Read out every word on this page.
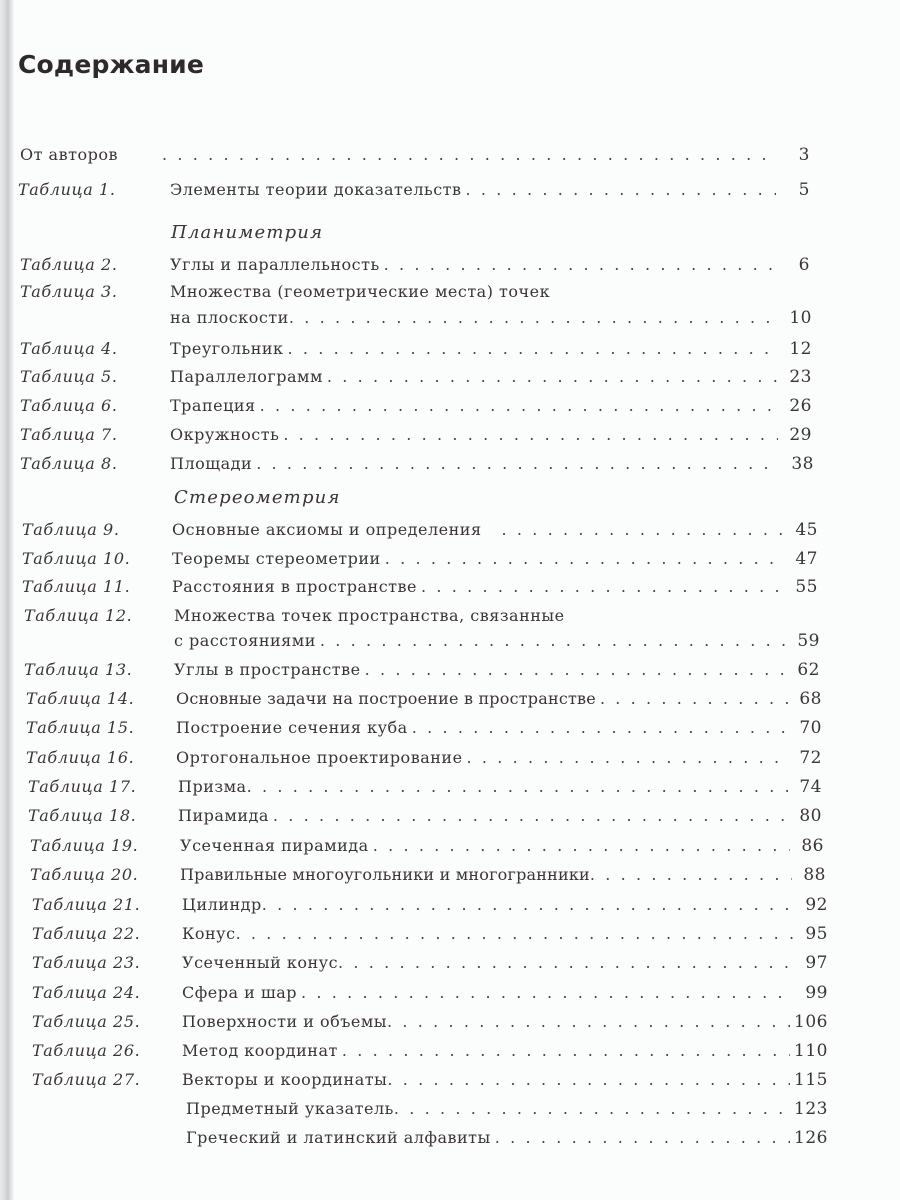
Содержание
От авторов . . .	3
Таблица 1.	Элементы теории доказательств . . .	5
Планиметрия
Таблица 2.	Углы и параллельность . . .	6
Таблица 3.	Множества (геометрические места) точек
на плоскости . . .	10
Таблица 4.	Треугольник . . .	12
Таблица 5.	Параллелограмм . . .	23
Таблица 6.	Трапеция . . .	26
Таблица 7.	Окружность . . .	29
Таблица 8.	Площади . . .	38
Стереометрия
Таблица 9.	Основные аксиомы и определения . . .	45
Таблица 10.	Теоремы стереометрии . . .	47
Таблица 11.	Расстояния в пространстве . . .	55
Таблица 12.	Множества точек пространства, связанные
с расстояниями . . .	59
Таблица 13.	Углы в пространстве . . .	62
Таблица 14.	Основные задачи на построение в пространстве . . .	68
Таблица 15.	Построение сечения куба . . .	70
Таблица 16.	Ортогональное проектирование . . .	72
Таблица 17.	Призма . . .	74
Таблица 18.	Пирамида . . .	80
Таблица 19.	Усеченная пирамида . . .	86
Таблица 20.	Правильные многоугольники и многогранники . . .	88
Таблица 21.	Цилиндр . . .	92
Таблица 22.	Конус . . .	95
Таблица 23.	Усеченный конус . . .	97
Таблица 24.	Сфера и шар . . .	99
Таблица 25.	Поверхности и объемы . . .	106
Таблица 26.	Метод координат . . .	110
Таблица 27.	Векторы и координаты . . .	115
Предметный указатель . . .	123
Греческий и латинский алфавиты . . .	126
